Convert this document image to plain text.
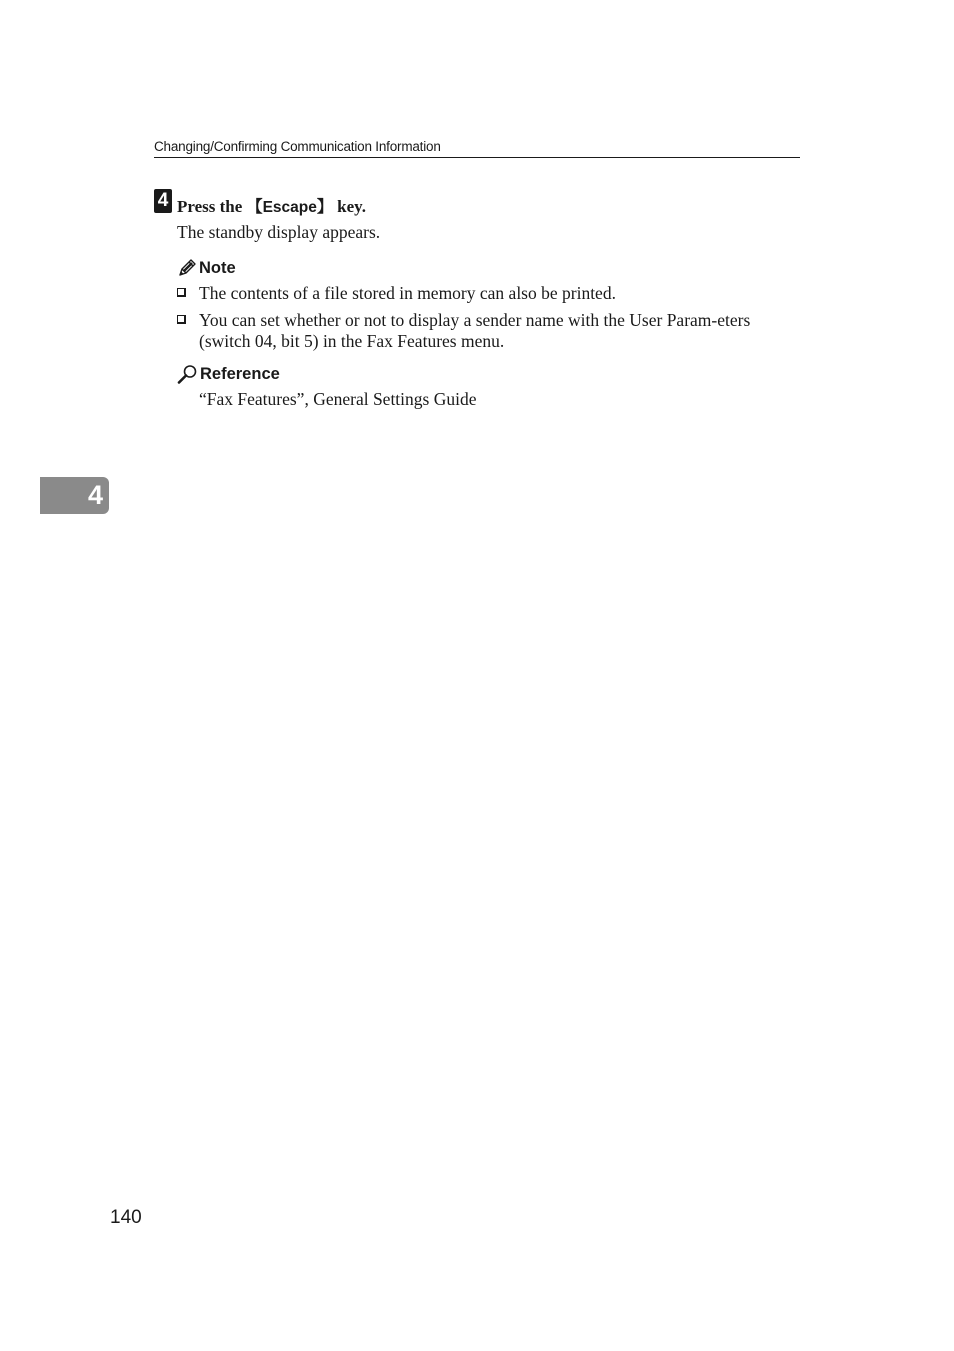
Changing/Confirming Communication Information
4 Press the 【Escape】 key.
The standby display appears.
Note
The contents of a file stored in memory can also be printed.
You can set whether or not to display a sender name with the User Param-eters (switch 04, bit 5) in the Fax Features menu.
Reference
“Fax Features”, General Settings Guide
4
140
